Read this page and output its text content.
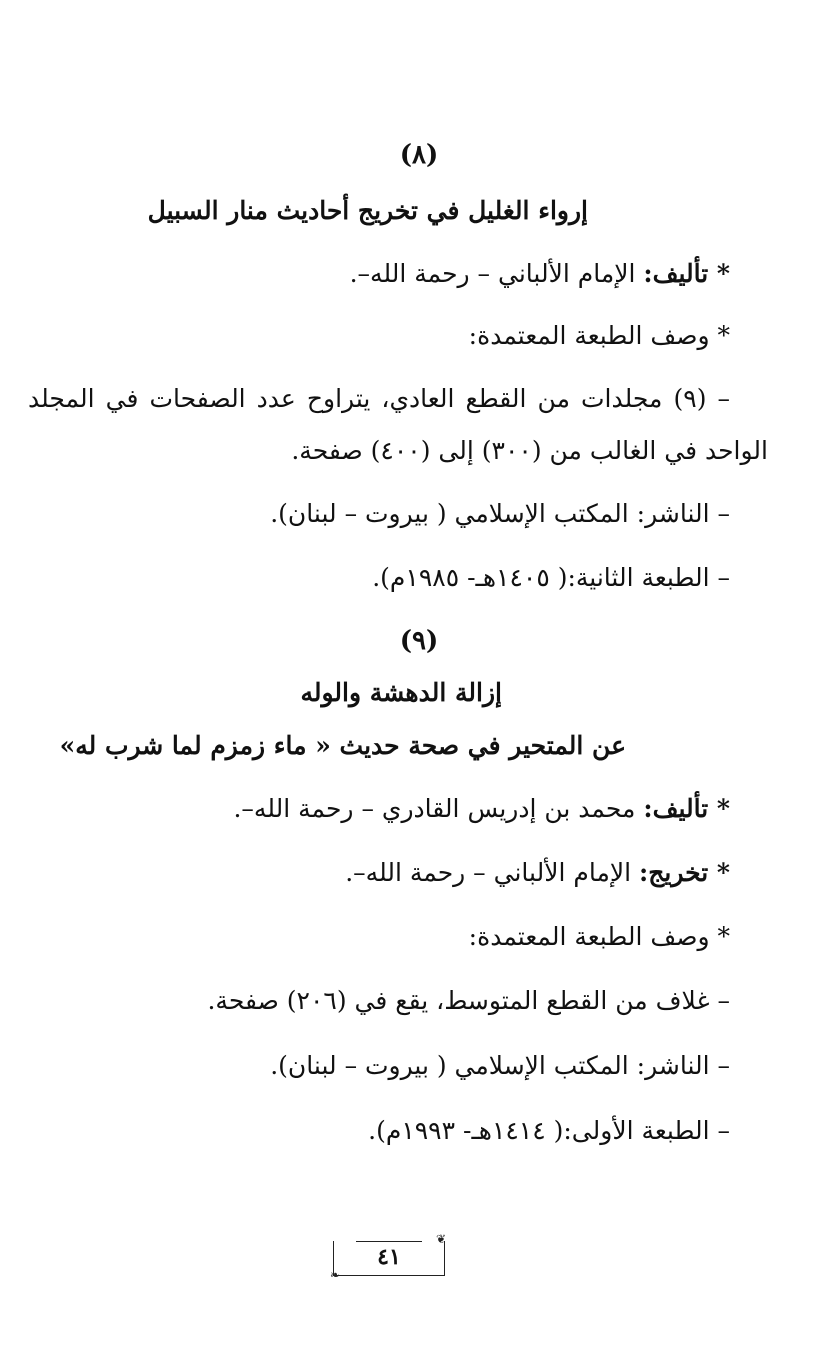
(٨)
إرواء الغليل في تخريج أحاديث منار السبيل
* تأليف: الإمام الألباني – رحمة الله–.
* وصف الطبعة المعتمدة:
– (٩) مجلدات من القطع العادي، يتراوح عدد الصفحات في المجلد
الواحد في الغالب من (٣٠٠) إلى (٤٠٠) صفحة.
– الناشر: المكتب الإسلامي ( بيروت – لبنان).
– الطبعة الثانية:( ١٤٠٥هـ- ١٩٨٥م).
(٩)
إزالة الدهشة والوله
عن المتحير في صحة حديث « ماء زمزم لما شرب له»
* تأليف: محمد بن إدريس القادري – رحمة الله–.
* تخريج: الإمام الألباني – رحمة الله–.
* وصف الطبعة المعتمدة:
– غلاف من القطع المتوسط، يقع في (٢٠٦) صفحة.
– الناشر: المكتب الإسلامي ( بيروت – لبنان).
– الطبعة الأولى:( ١٤١٤هـ- ١٩٩٣م).
❦
❧
٤١
